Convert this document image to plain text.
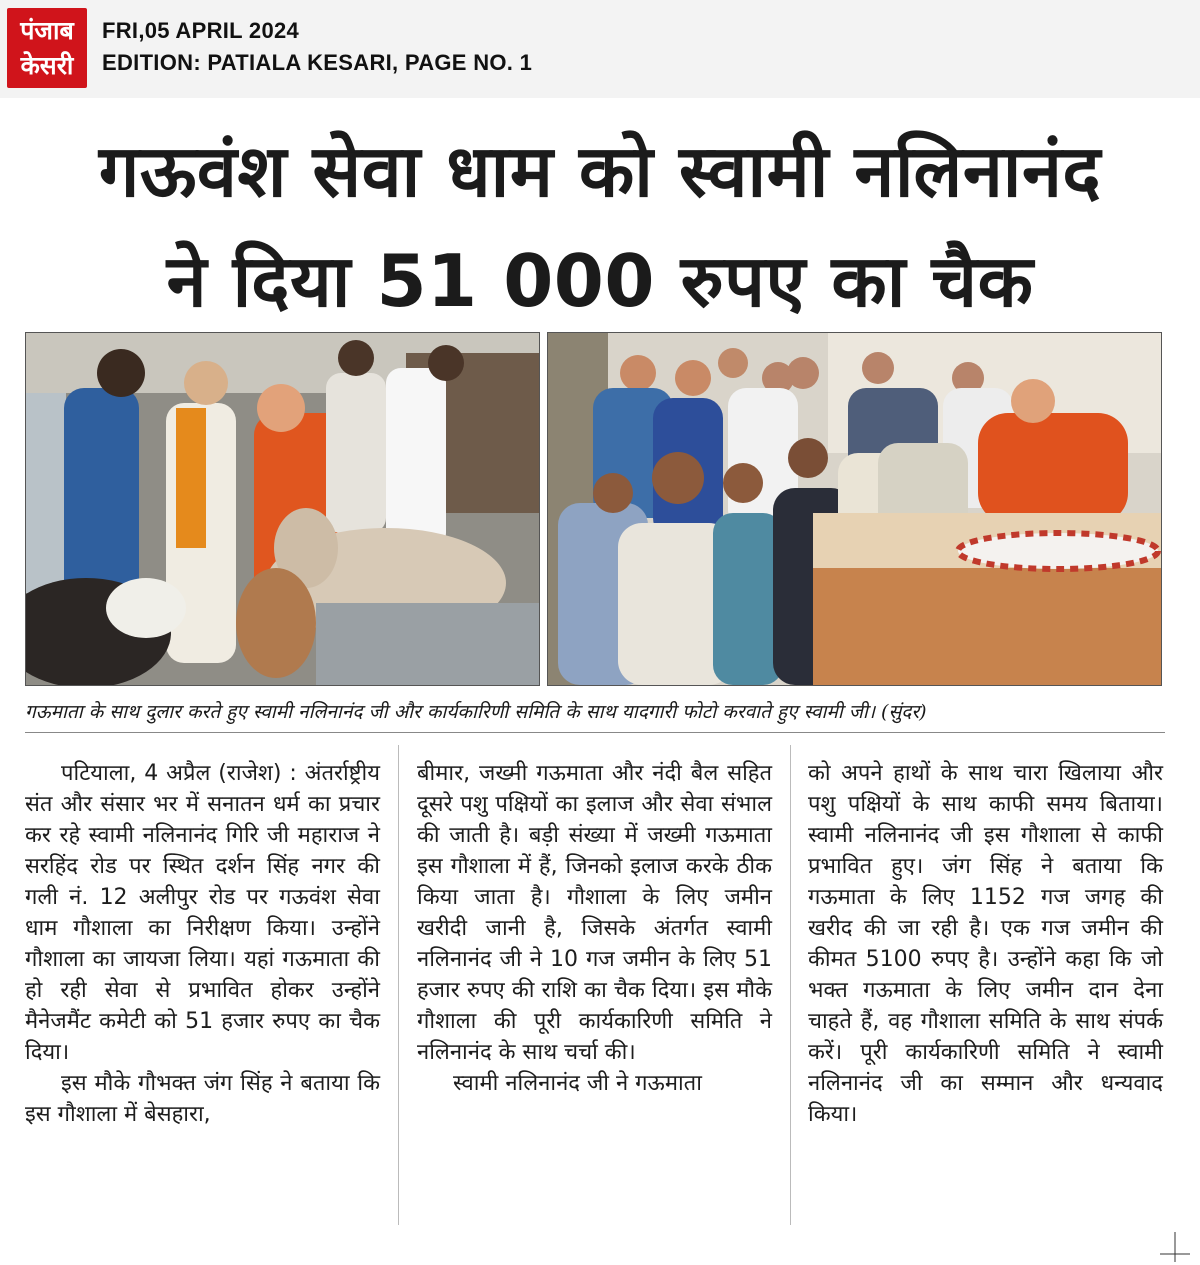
पंजाब
केसरी
FRI,05 APRIL 2024
EDITION: PATIALA KESARI, PAGE NO. 1
गऊवंश सेवा धाम को स्वामी नलिनानंद
ने दिया 51 000 रुपए का चैक
गऊमाता के साथ दुलार करते हुए स्वामी नलिनानंद जी और कार्यकारिणी समिति के साथ यादगारी फोटो करवाते हुए स्वामी जी। (सुंदर)

पटियाला, 4 अप्रैल (राजेश) : अंतर्राष्ट्रीय संत और संसार भर में सनातन धर्म का प्रचार कर रहे स्वामी नलिनानंद गिरि जी महाराज ने सरहिंद रोड पर स्थित दर्शन सिंह नगर की गली नं. 12 अलीपुर रोड पर गऊवंश सेवा धाम गौशाला का निरीक्षण किया। उन्होंने गौशाला का जायजा लिया। यहां गऊमाता की हो रही सेवा से प्रभावित होकर उन्होंने मैनेजमैंट कमेटी को 51 हजार रुपए का चैक दिया।

इस मौके गौभक्त जंग सिंह ने बताया कि इस गौशाला में बेसहारा,

बीमार, जख्मी गऊमाता और नंदी बैल सहित दूसरे पशु पक्षियों का इलाज और सेवा संभाल की जाती है। बड़ी संख्या में जख्मी गऊमाता इस गौशाला में हैं, जिनको इलाज करके ठीक किया जाता है। गौशाला के लिए जमीन खरीदी जानी है, जिसके अंतर्गत स्वामी नलिनानंद जी ने 10 गज जमीन के लिए 51 हजार रुपए की राशि का चैक दिया। इस मौके गौशाला की पूरी कार्यकारिणी समिति ने नलिनानंद के साथ चर्चा की।

स्वामी नलिनानंद जी ने गऊमाता

को अपने हाथों के साथ चारा खिलाया और पशु पक्षियों के साथ काफी समय बिताया। स्वामी नलिनानंद जी इस गौशाला से काफी प्रभावित हुए। जंग सिंह ने बताया कि गऊमाता के लिए 1152 गज जगह की खरीद की जा रही है। एक गज जमीन की कीमत 5100 रुपए है। उन्होंने कहा कि जो भक्त गऊमाता के लिए जमीन दान देना चाहते हैं, वह गौशाला समिति के साथ संपर्क करें। पूरी कार्यकारिणी समिति ने स्वामी नलिनानंद जी का सम्मान और धन्यवाद किया।
